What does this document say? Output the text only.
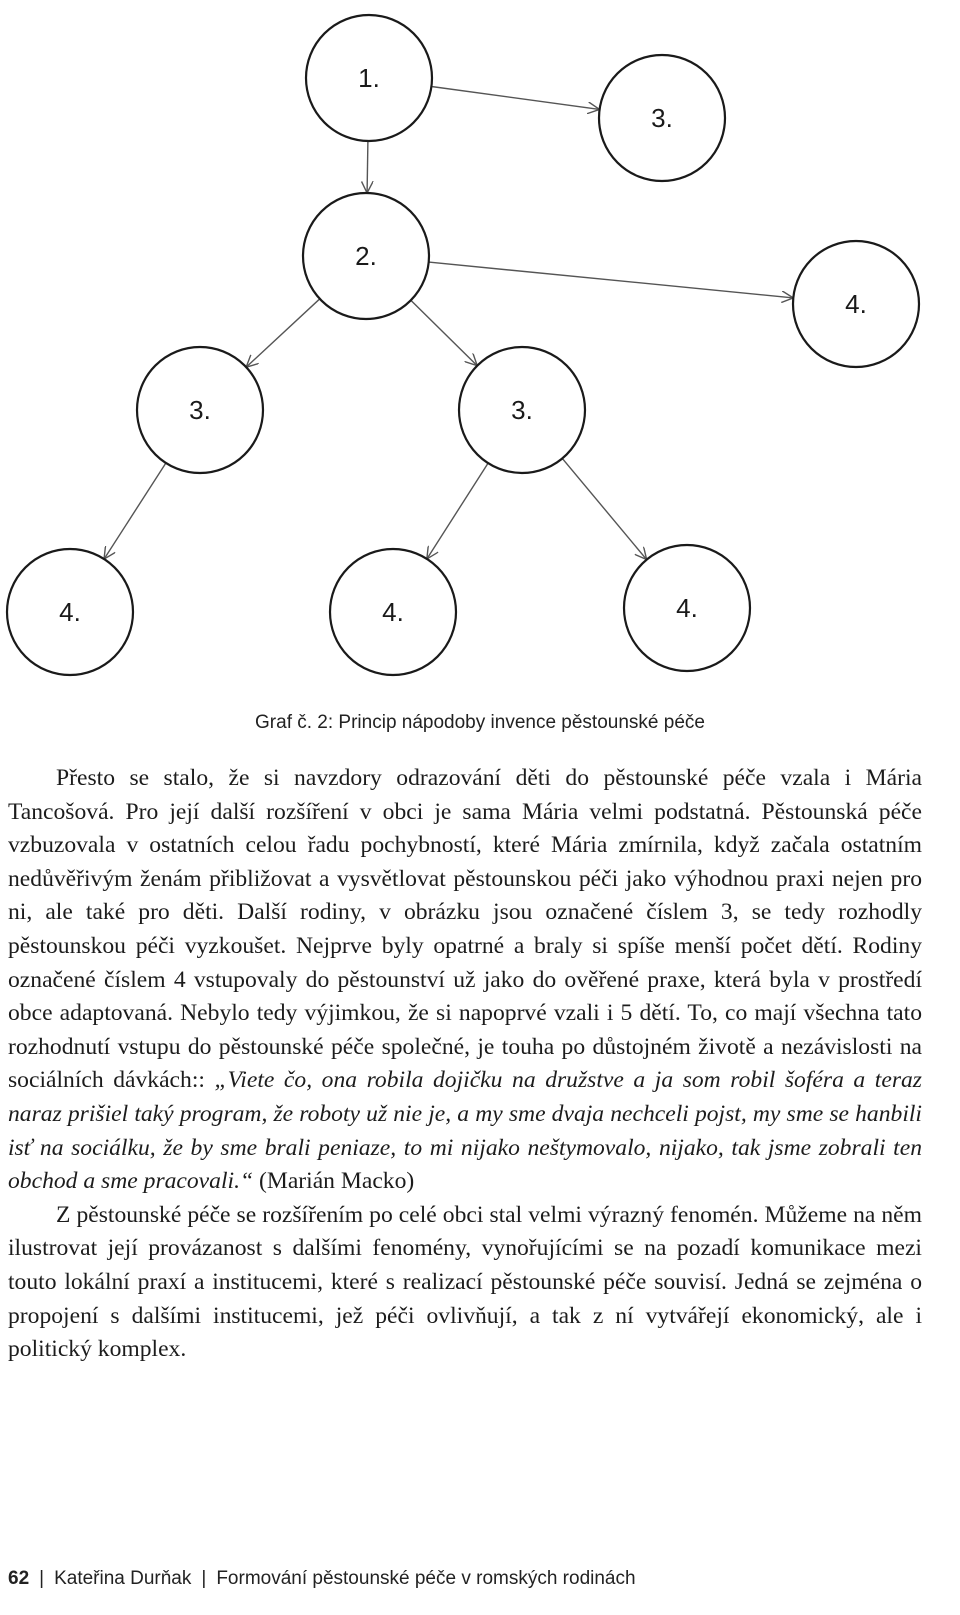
1.
2.
3.	3.
3.
4.	4.	4.
4.
Graf č. 2: Princip nápodoby invence pěstounské péče

Přesto se stalo, že si navzdory odrazování děti do pěstounské péče vzala i Mária Tancošová. Pro její další rozšíření v obci je sama Mária velmi podstatná. Pěstounská péče vzbuzovala v ostatních celou řadu pochybností, které Mária zmírnila, když začala ostatním nedůvěřivým ženám přibližovat a vysvětlovat pěstounskou péči jako výhodnou praxi nejen pro ni, ale také pro děti. Další rodiny, v obrázku jsou označené číslem 3, se tedy rozhodly pěstounskou péči vyzkoušet. Nejprve byly opatrné a braly si spíše menší počet dětí. Rodiny označené číslem 4 vstupovaly do pěstounství už jako do ověřené praxe, která byla v prostředí obce adaptovaná. Nebylo tedy výjimkou, že si napoprvé vzali i 5 dětí. To, co mají všechna tato rozhodnutí vstupu do pěstounské péče společné, je touha po důstojném životě a nezávislosti na sociálních dávkách:: „Viete čo, ona robila dojičku na družstve a ja som robil šoféra a teraz naraz prišiel taký program, že roboty už nie je, a my sme dvaja nechceli pojst, my sme se hanbili isť na sociálku, že by sme brali peniaze, to mi nijako neštymovalo, nijako, tak jsme zobrali ten obchod a sme pracovali.“ (Marián Macko)

Z pěstounské péče se rozšířením po celé obci stal velmi výrazný fenomén. Můžeme na něm ilustrovat její provázanost s dalšími fenomény, vynořujícími se na pozadí komunikace mezi touto lokální praxí a institucemi, které s realizací pěstounské péče souvisí. Jedná se zejména o propojení s dalšími institucemi, jež péči ovlivňují, a tak z ní vytvářejí ekonomický, ale i politický komplex.

62 | Kateřina Durňak | Formování pěstounské péče v romských rodinách
